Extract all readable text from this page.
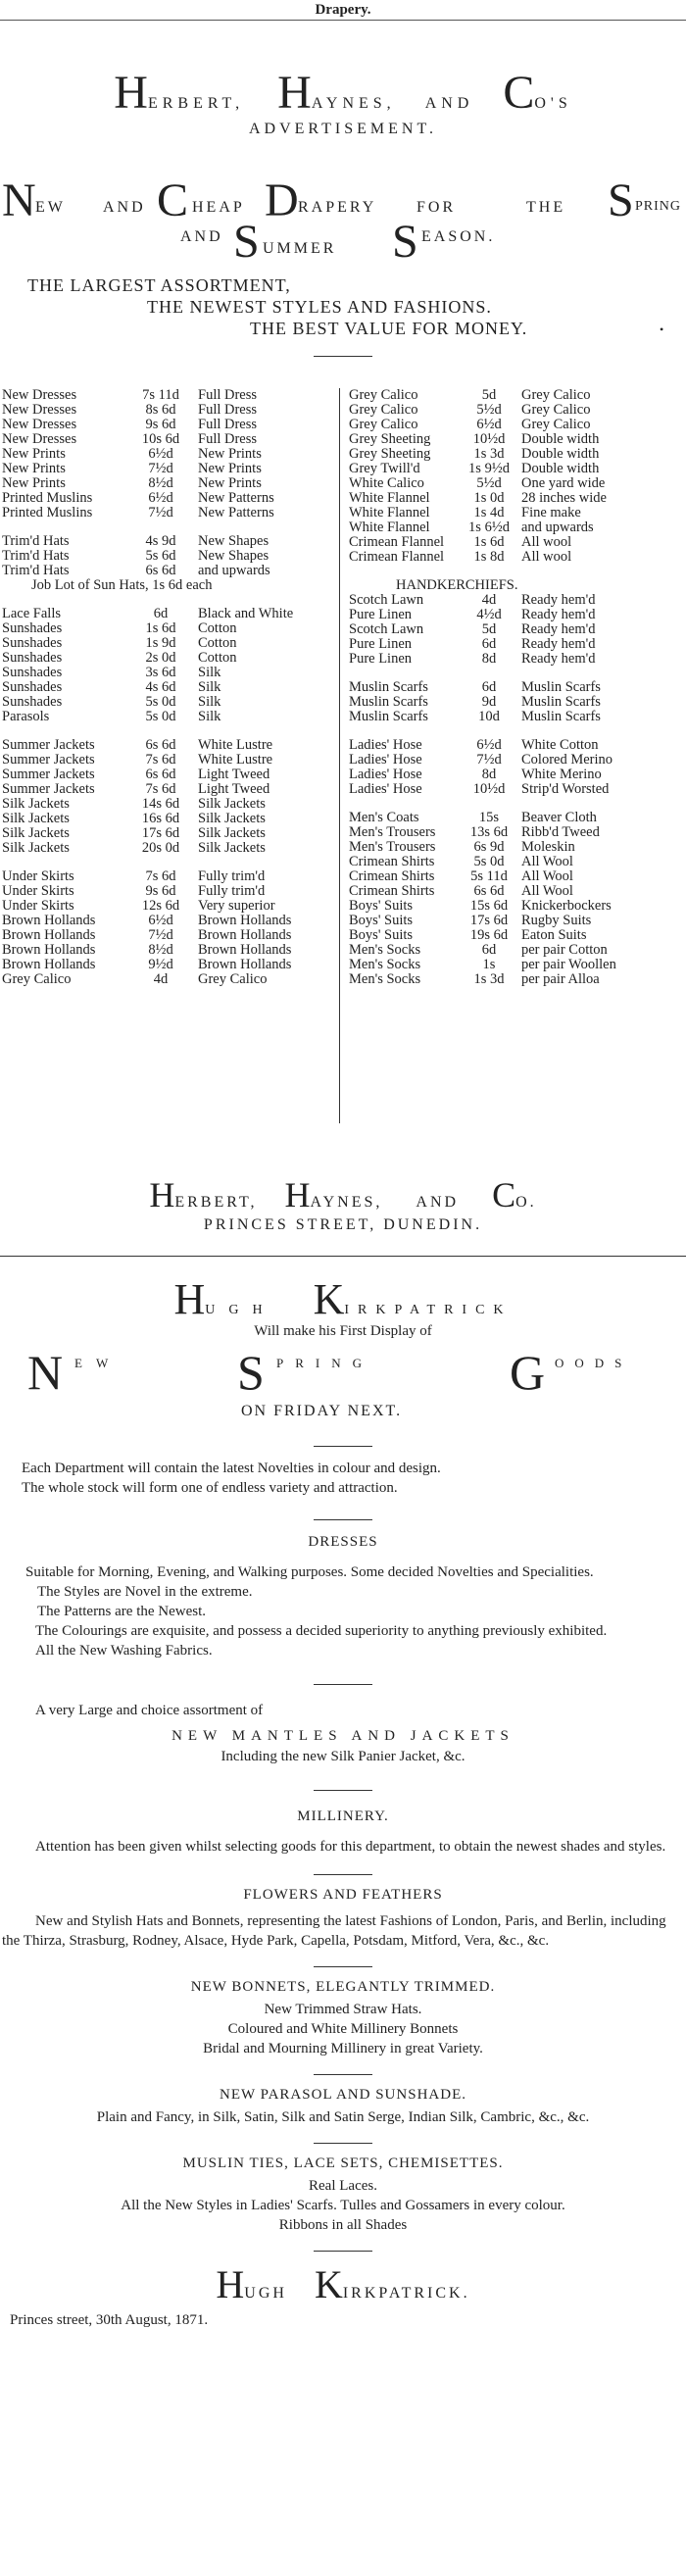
Drapery.
HERBERT, HAYNES, AND CO'S
ADVERTISEMENT.
N EW AND C HEAP D RAPERY	FOR	THE S PRING
AND S UMMER S EASON.
THE LARGEST ASSORTMENT,
THE NEWEST STYLES AND FASHIONS.
THE BEST VALUE FOR MONEY.	•
New Dresses	7s 11d	Full Dress
New Dresses	8s 6d	Full Dress
New Dresses	9s 6d	Full Dress
New Dresses	10s 6d	Full Dress
New Prints	6½d	New Prints
New Prints	7½d	New Prints
New Prints	8½d	New Prints
Printed Muslins	6½d	New Patterns
Printed Muslins	7½d	New Patterns

Trim'd Hats	4s 9d	New Shapes
Trim'd Hats	5s 6d	New Shapes
Trim'd Hats	6s 6d	and upwards
Job Lot of Sun Hats, 1s 6d each		

Lace Falls	6d	Black and White
Sunshades	1s 6d	Cotton
Sunshades	1s 9d	Cotton
Sunshades	2s 0d	Cotton
Sunshades	3s 6d	Silk
Sunshades	4s 6d	Silk
Sunshades	5s 0d	Silk
Parasols	5s 0d	Silk

Summer Jackets	6s 6d	White Lustre
Summer Jackets	7s 6d	White Lustre
Summer Jackets	6s 6d	Light Tweed
Summer Jackets	7s 6d	Light Tweed
Silk Jackets	14s 6d	Silk Jackets
Silk Jackets	16s 6d	Silk Jackets
Silk Jackets	17s 6d	Silk Jackets
Silk Jackets	20s 0d	Silk Jackets

Under Skirts	7s 6d	Fully trim'd
Under Skirts	9s 6d	Fully trim'd
Under Skirts	12s 6d	Very superior
Brown Hollands	6½d	Brown Hollands
Brown Hollands	7½d	Brown Hollands
Brown Hollands	8½d	Brown Hollands
Brown Hollands	9½d	Brown Hollands
Grey Calico	4d	Grey Calico
Grey Calico	5d	Grey Calico
Grey Calico	5½d	Grey Calico
Grey Calico	6½d	Grey Calico
Grey Sheeting	10½d	Double width
Grey Sheeting	1s 3d	Double width
Grey Twill'd	1s 9½d	Double width
White Calico	5½d	One yard wide
White Flannel	1s 0d	28 inches wide
White Flannel	1s 4d	Fine make
White Flannel	1s 6½d	and upwards
Crimean Flannel	1s 6d	All wool
Crimean Flannel	1s 8d	All wool

HANDKERCHIEFS.		
Scotch Lawn	4d	Ready hem'd
Pure Linen	4½d	Ready hem'd
Scotch Lawn	5d	Ready hem'd
Pure Linen	6d	Ready hem'd
Pure Linen	8d	Ready hem'd

Muslin Scarfs	6d	Muslin Scarfs
Muslin Scarfs	9d	Muslin Scarfs
Muslin Scarfs	10d	Muslin Scarfs

Ladies' Hose	6½d	White Cotton
Ladies' Hose	7½d	Colored Merino
Ladies' Hose	8d	White Merino
Ladies' Hose	10½d	Strip'd Worsted

Men's Coats	15s	Beaver Cloth
Men's Trousers	13s 6d	Ribb'd Tweed
Men's Trousers	6s 9d	Moleskin
Crimean Shirts	5s 0d	All Wool
Crimean Shirts	5s 11d	All Wool
Crimean Shirts	6s 6d	All Wool
Boys' Suits	15s 6d	Knickerbockers
Boys' Suits	17s 6d	Rugby Suits
Boys' Suits	19s 6d	Eaton Suits
Men's Socks	6d	per pair Cotton
Men's Socks	1s	per pair Woollen
Men's Socks	1s 3d	per pair Alloa
HERBERT, HAYNES, AND CO.
PRINCES STREET, DUNEDIN.
HUGH KIRKPATRICK
Will make his First Display of
N EW S PRING	G OODS
ON FRIDAY NEXT.
Each Department will contain the latest Novelties in colour and design.
The whole stock will form one of endless variety and attraction.
DRESSES
Suitable for Morning, Evening, and Walking purposes. Some decided Novelties and Specialities.
The Styles are Novel in the extreme.
The Patterns are the Newest.
The Colourings are exquisite, and possess a decided superiority to anything previously exhibited.
All the New Washing Fabrics.
A very Large and choice assortment of
NEW MANTLES AND JACKETS
Including the new Silk Panier Jacket, &c.
MILLINERY.
Attention has been given whilst selecting goods for this department, to obtain the newest shades and styles.
FLOWERS AND FEATHERS
New and Stylish Hats and Bonnets, representing the latest Fashions of London, Paris, and Berlin, including the Thirza, Strasburg, Rodney, Alsace, Hyde Park, Capella, Potsdam, Mitford, Vera, &c., &c.
NEW BONNETS, ELEGANTLY TRIMMED.
New Trimmed Straw Hats.
Coloured and White Millinery Bonnets
Bridal and Mourning Millinery in great Variety.
NEW PARASOL AND SUNSHADE.
Plain and Fancy, in Silk, Satin, Silk and Satin Serge, Indian Silk, Cambric, &c., &c.
MUSLIN TIES, LACE SETS, CHEMISETTES.
Real Laces.
All the New Styles in Ladies' Scarfs. Tulles and Gossamers in every colour.
Ribbons in all Shades
HUGH KIRKPATRICK.
Princes street, 30th August, 1871.
